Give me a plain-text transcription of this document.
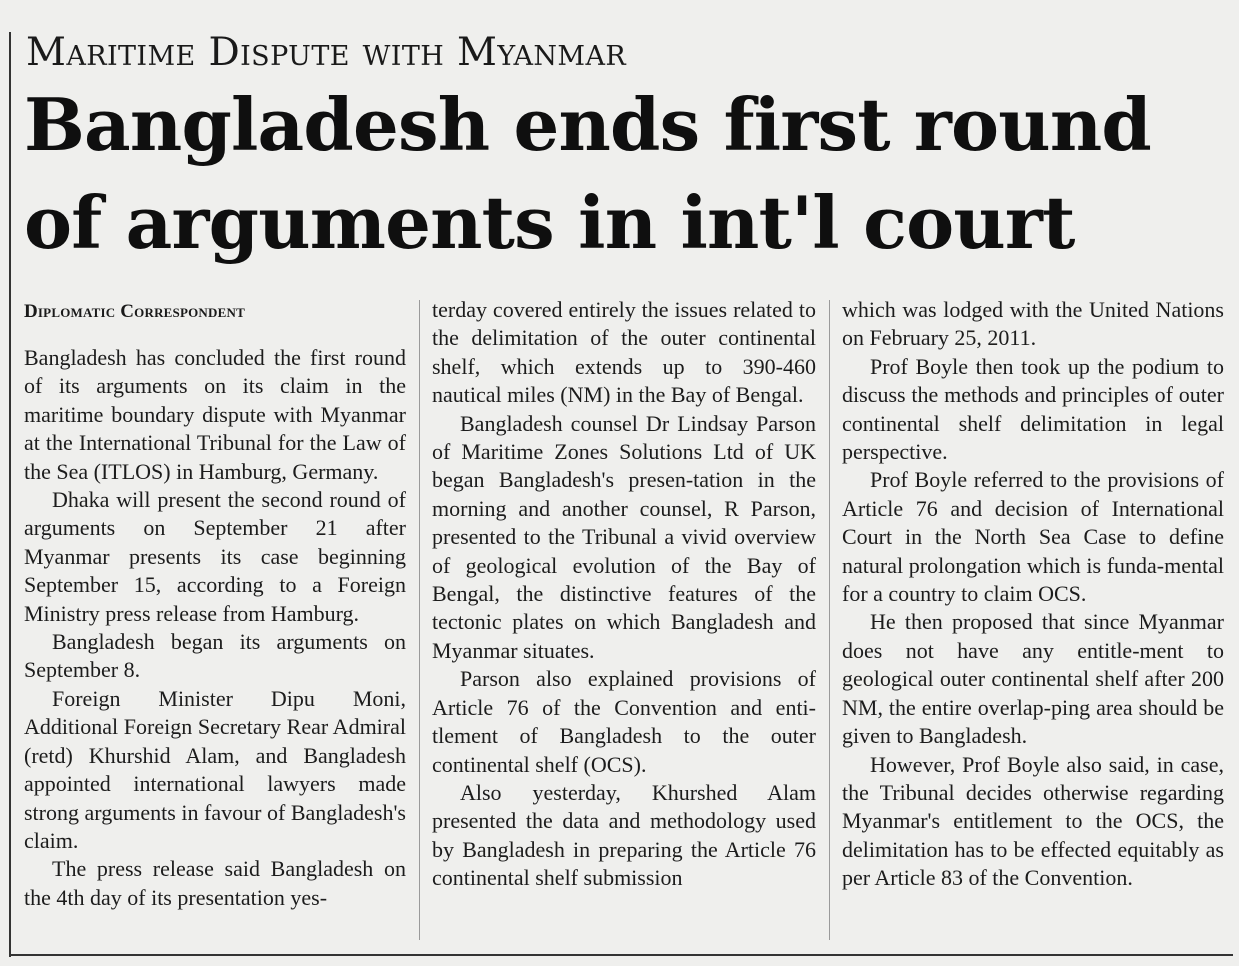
Maritime Dispute with Myanmar
Bangladesh ends first round
of arguments in int'l court
Diplomatic Correspondent

Bangladesh has concluded the first round of its arguments on its claim in the maritime boundary dispute with Myanmar at the International Tribunal for the Law of the Sea (ITLOS) in Hamburg, Germany.

Dhaka will present the second round of arguments on September 21 after Myanmar presents its case beginning September 15, according to a Foreign Ministry press release from Hamburg.

Bangladesh began its arguments on September 8.

Foreign Minister Dipu Moni, Additional Foreign Secretary Rear Admiral (retd) Khurshid Alam, and Bangladesh appointed international lawyers made strong arguments in favour of Bangladesh's claim.

The press release said Bangladesh on the 4th day of its presentation yes-

terday covered entirely the issues related to the delimitation of the outer continental shelf, which extends up to 390-460 nautical miles (NM) in the Bay of Bengal.

Bangladesh counsel Dr Lindsay Parson of Maritime Zones Solutions Ltd of UK began Bangladesh's presen-tation in the morning and another counsel, R Parson, presented to the Tribunal a vivid overview of geological evolution of the Bay of Bengal, the distinctive features of the tectonic plates on which Bangladesh and Myanmar situates.

Parson also explained provisions of Article 76 of the Convention and enti-tlement of Bangladesh to the outer continental shelf (OCS).

Also yesterday, Khurshed Alam presented the data and methodology used by Bangladesh in preparing the Article 76 continental shelf submission

which was lodged with the United Nations on February 25, 2011.

Prof Boyle then took up the podium to discuss the methods and principles of outer continental shelf delimitation in legal perspective.

Prof Boyle referred to the provisions of Article 76 and decision of International Court in the North Sea Case to define natural prolongation which is funda-mental for a country to claim OCS.

He then proposed that since Myanmar does not have any entitle-ment to geological outer continental shelf after 200 NM, the entire overlap-ping area should be given to Bangladesh.

However, Prof Boyle also said, in case, the Tribunal decides otherwise regarding Myanmar's entitlement to the OCS, the delimitation has to be effected equitably as per Article 83 of the Convention.
